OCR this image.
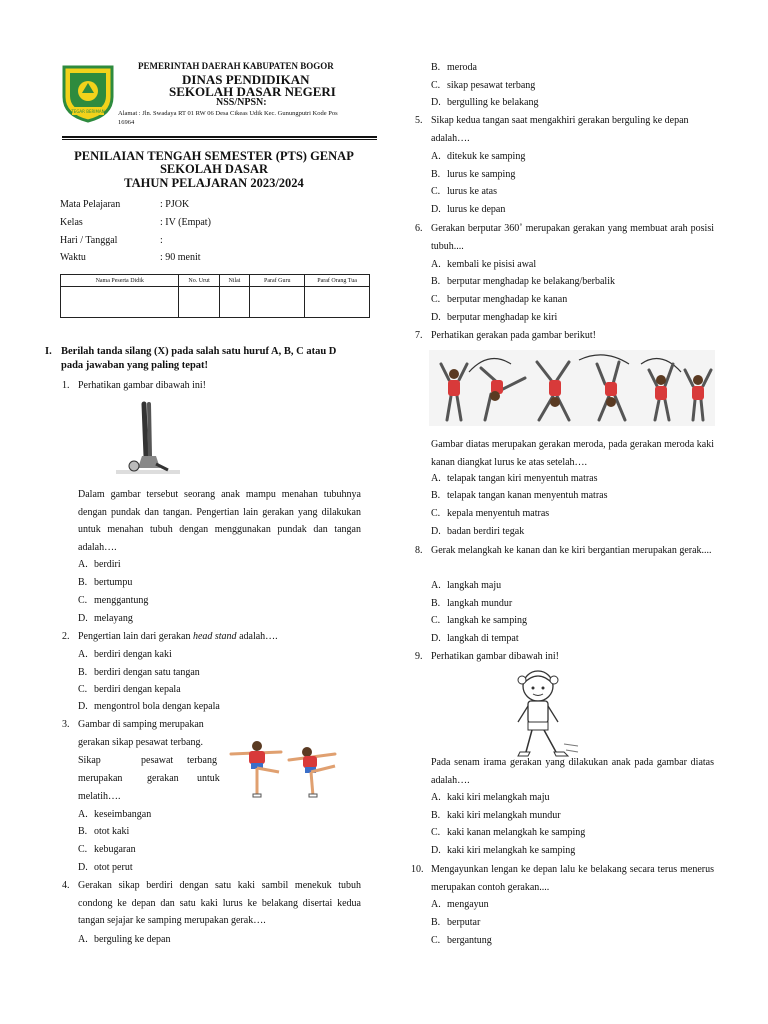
TEGAR BERIMAN
PEMERINTAH DAERAH KABUPATEN BOGOR
DINAS PENDIDIKAN
SEKOLAH DASAR NEGERI
NSS/NPSN:
Alamat : Jln. Swadaya RT 01 RW 06 Desa Cikeas Udik Kec. Gunungputri Kode Pos
16964
PENILAIAN TENGAH SEMESTER (PTS) GENAP
SEKOLAH DASAR
TAHUN PELAJARAN 2023/2024
Mata Pelajaran	: PJOK
Kelas	: IV (Empat)
Hari / Tanggal	:
Waktu	: 90 menit
Nama Peserta Didik	No. Urut	Nilai	Paraf Guru	Paraf Orang Tua

I. Berilah tanda silang (X) pada salah satu huruf A, B, C atau D
pada jawaban yang paling tepat!
1. Perhatikan gambar dibawah ini!
Dalam gambar tersebut seorang anak mampu menahan tubuhnya dengan pundak dan tangan. Pengertian lain gerakan yang dilakukan untuk menahan tubuh dengan menggunakan pundak dan tangan adalah….
A. berdiri
B. bertumpu
C. menggantung
D. melayang
2. Pengertian lain dari gerakan head stand adalah….
A. berdiri dengan kaki
B. berdiri dengan satu tangan
C. berdiri dengan kepala
D. mengontrol bola dengan kepala
3. Gambar di samping merupakan
gerakan sikap pesawat terbang.
Sikap	pesawat terbang
merupakan gerakan untuk
melatih….
A. keseimbangan
B. otot kaki
C. kebugaran
D. otot perut
4. Gerakan sikap berdiri dengan satu kaki sambil menekuk tubuh condong ke depan dan satu kaki lurus ke belakang disertai kedua tangan sejajar ke samping merupakan gerak….
A. berguling ke depan
B. meroda
C. sikap pesawat terbang
D. bergulling ke belakang
5. Sikap kedua tangan saat mengakhiri gerakan berguling ke depan
adalah….
A. ditekuk ke samping
B. lurus ke samping
C. lurus ke atas
D. lurus ke depan
6. Gerakan berputar 360˚ merupakan gerakan yang membuat arah posisi tubuh....
A. kembali ke pisisi awal
B. berputar menghadap ke belakang/berbalik
C. berputar menghadap ke kanan
D. berputar menghadap ke kiri
7. Perhatikan gerakan pada gambar berikut!
Gambar diatas merupakan gerakan meroda, pada gerakan meroda kaki kanan diangkat lurus ke atas setelah….
A. telapak tangan kiri menyentuh matras
B. telapak tangan kanan menyentuh matras
C. kepala menyentuh matras
D. badan berdiri tegak
8. Gerak melangkah ke kanan dan ke kiri bergantian merupakan gerak....
A. langkah maju
B. langkah mundur
C. langkah ke samping
D. langkah di tempat
9. Perhatikan gambar dibawah ini!
Pada senam irama gerakan yang dilakukan anak pada gambar diatas adalah….
A. kaki kiri melangkah maju
B. kaki kiri melangkah mundur
C. kaki kanan melangkah ke samping
D. kaki kiri melangkah ke samping
10. Mengayunkan lengan ke depan lalu ke belakang secara terus menerus merupakan contoh gerakan....
A. mengayun
B. berputar
C. bergantung
